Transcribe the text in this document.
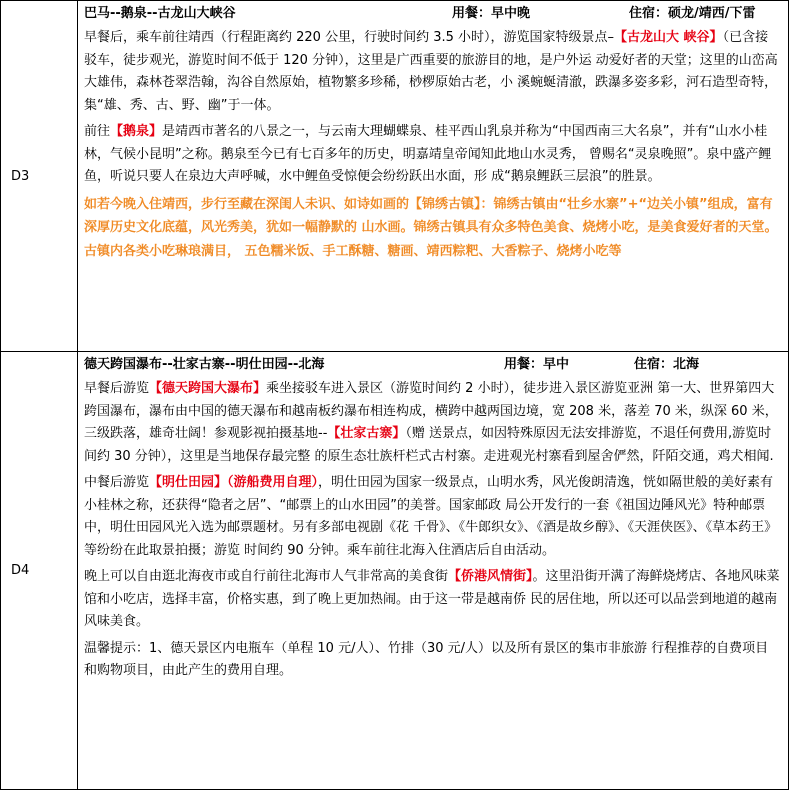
D3	巴马--鹅泉--古龙山大峡谷 用餐：早中晚 住宿：硕龙/靖西/下雷

早餐后，乘车前往靖西（行程距离约 220 公里，行驶时间约 3.5 小时），游览国家特级景点–【古龙山大 峡谷】（已含接驳车，徒步观光，游览时间不低于 120 分钟），这里是广西重要的旅游目的地，是户外运 动爱好者的天堂；这里的山峦高大雄伟，森林苍翠浩翰，沟谷自然原始，植物繁多珍稀，桫椤原始古老，小 溪蜿蜒清澈，跌瀑多姿多彩，河石造型奇特，集“雄、秀、古、野、幽”于一体。

前往【鹅泉】是靖西市著名的八景之一，与云南大理蝴蝶泉、桂平西山乳泉并称为“中国西南三大名泉”，并有“山水小桂林，气候小昆明”之称。鹅泉至今已有七百多年的历史，明嘉靖皇帝闻知此地山水灵秀， 曾赐名“灵泉晚照”。泉中盛产鲤鱼，听说只要人在泉边大声呼喊，水中鲤鱼受惊便会纷纷跃出水面，形 成“鹅泉鲤跃三层浪”的胜景。

如若今晚入住靖西，步行至藏在深闺人未识、如诗如画的【锦绣古镇】：锦绣古镇由“壮乡水寨”+“边关小镇”组成，富有深厚历史文化底蕴，风光秀美，犹如一幅静默的 山水画。锦绣古镇具有众多特色美食、烧烤小吃，是美食爱好者的天堂。古镇内各类小吃琳琅满目， 五色糯米饭、手工酥糖、糖画、靖西粽粑、大香粽子、烧烤小吃等

D4	德天跨国瀑布--壮家古寨--明仕田园--北海 用餐：早中 住宿：北海

早餐后游览【德天跨国大瀑布】乘坐接驳车进入景区（游览时间约 2 小时），徒步进入景区游览亚洲 第一大、世界第四大跨国瀑布，瀑布由中国的德天瀑布和越南板约瀑布相连构成，横跨中越两国边境，宽 208 米，落差 70 米，纵深 60 米，三级跌落，雄奇壮阔！参观影视拍摄基地--【壮家古寨】（赠 送景点，如因特殊原因无法安排游览，不退任何费用,游览时间约 30 分钟），这里是当地保存最完整 的原生态壮族杆栏式古村寨。走进观光村寨看到屋舍俨然，阡陌交通，鸡犬相闻.

中餐后游览【明仕田园】（游船费用自理），明仕田园为国家一级景点，山明水秀，风光俊朗清逸，恍如隔世般的美好素有小桂林之称，还获得“隐者之居”、“邮票上的山水田园”的美誉。国家邮政 局公开发行的一套《祖国边陲风光》特种邮票中，明仕田园风光入选为邮票题材。另有多部电视剧《花 千骨》、《牛郎织女》、《酒是故乡醇》、《天涯侠医》、《草本药王》等纷纷在此取景拍摄；游览 时间约 90 分钟。乘车前往北海入住酒店后自由活动。

晚上可以自由逛北海夜市或自行前往北海市人气非常高的美食街【侨港风情街】。这里沿街开满了海鲜烧烤店、各地风味菜馆和小吃店，选择丰富，价格实惠，到了晚上更加热闹。由于这一带是越南侨 民的居住地，所以还可以品尝到地道的越南风味美食。

温馨提示：1、德天景区内电瓶车（单程 10 元/人）、竹排（30 元/人）以及所有景区的集市非旅游 行程推荐的自费项目和购物项目，由此产生的费用自理。
